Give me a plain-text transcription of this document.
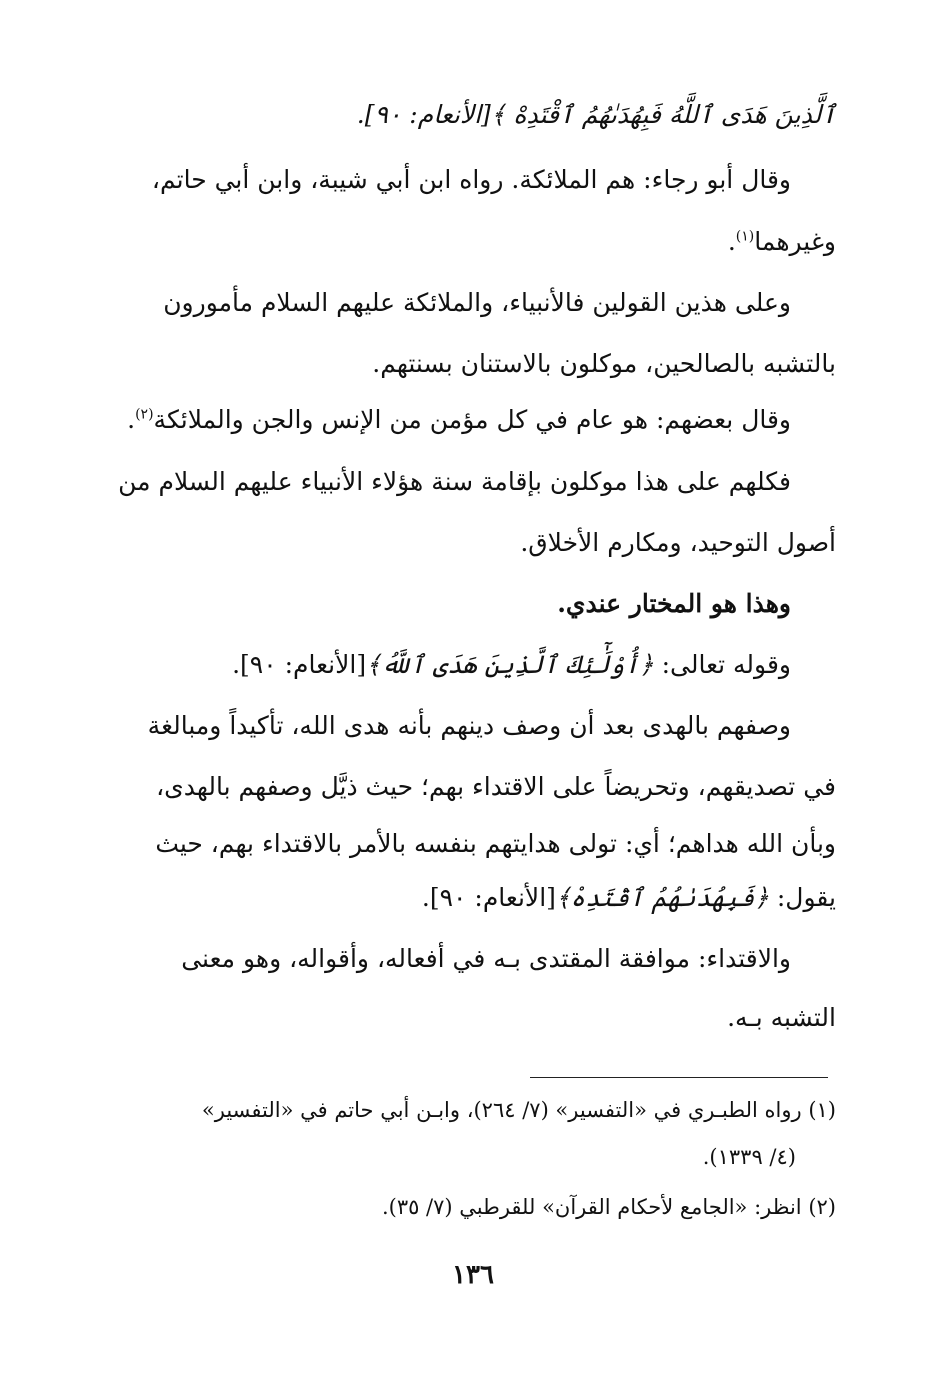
ٱلَّذِينَ هَدَى ٱللَّهُ فَبِهُدَىٰهُمُ ٱقْتَدِهْ ﴾[الأنعام: ٩٠].
وقال أبو رجاء: هم الملائكة. رواه ابن أبي شيبة، وابن أبي حاتم،
وغيرهما$^{(١)}$.
وعلى هذين القولين فالأنبياء، والملائكة عليهم السلام مأمورون
بالتشبه بالصالحين، موكلون بالاستنان بسنتهم.
وقال بعضهم: هو عام في كل مؤمن من الإنس والجن والملائكة$^{(٢)}$.
فكلهم على هذا موكلون بإقامة سنة هؤلاء الأنبياء عليهم السلام من
أصول التوحيد، ومكارم الأخلاق.
وهذا هو المختار عندي.
وقوله تعالى: ﴿أُوْلَٰٓئِكَ ٱلَّذِينَ هَدَى ٱللَّهُ﴾[الأنعام: ٩٠].
وصفهم بالهدى بعد أن وصف دينهم بأنه هدى الله، تأكيداً ومبالغة
في تصديقهم، وتحريضاً على الاقتداء بهم؛ حيث ذيَّل وصفهم بالهدى،
وبأن الله هداهم؛ أي: تولى هدايتهم بنفسه بالأمر بالاقتداء بهم، حيث
يقول: ﴿فَبِهُدَىٰهُمُ ٱقْتَدِهْ﴾[الأنعام: ٩٠].
والاقتداء: موافقة المقتدى بـه في أفعاله، وأقواله، وهو معنى
التشبه بـه.
(١) رواه الطبـري في «التفسير» (٧/ ٢٦٤)، وابـن أبي حاتم في «التفسير»
(٤/ ١٣٣٩).
(٢) انظر: «الجامع لأحكام القرآن» للقرطبي (٧/ ٣٥).
١٣٦
